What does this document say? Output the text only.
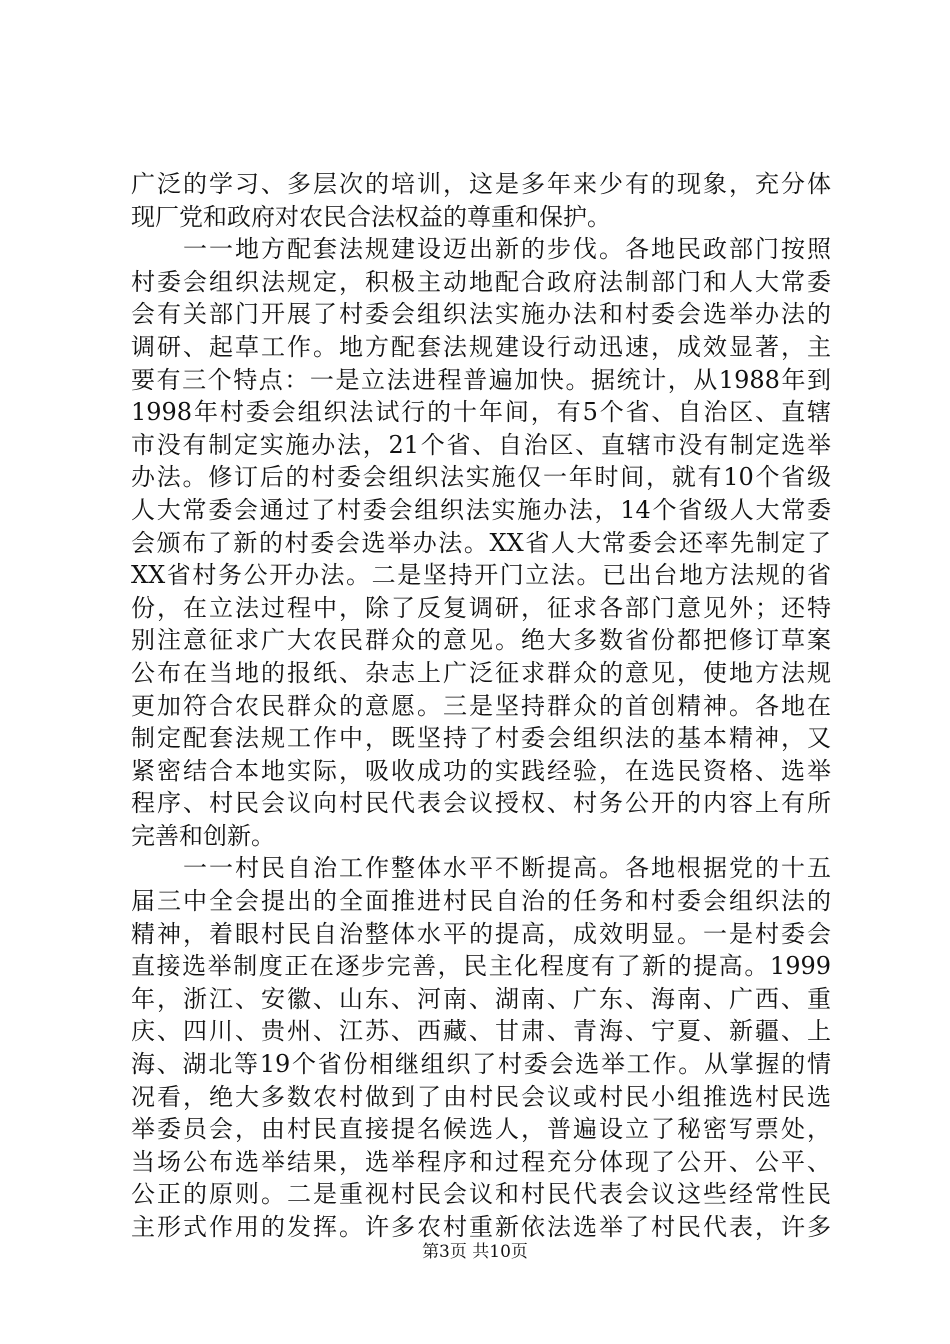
广泛的学习、多层次的培训，这是多年来少有的现象，充分体
现厂党和政府对农民合法权益的尊重和保护。
　　一一地方配套法规建设迈出新的步伐。各地民政部门按照
村委会组织法规定，积极主动地配合政府法制部门和人大常委
会有关部门开展了村委会组织法实施办法和村委会选举办法的
调研、起草工作。地方配套法规建设行动迅速，成效显著，主
要有三个特点：一是立法进程普遍加快。据统计，从1988年到
1998年村委会组织法试行的十年间，有5个省、自治区、直辖
市没有制定实施办法，21个省、自治区、直辖市没有制定选举
办法。修订后的村委会组织法实施仅一年时间，就有10个省级
人大常委会通过了村委会组织法实施办法，14个省级人大常委
会颁布了新的村委会选举办法。XX省人大常委会还率先制定了
XX省村务公开办法。二是坚持开门立法。已出台地方法规的省
份，在立法过程中，除了反复调研，征求各部门意见外；还特
别注意征求广大农民群众的意见。绝大多数省份都把修订草案
公布在当地的报纸、杂志上广泛征求群众的意见，使地方法规
更加符合农民群众的意愿。三是坚持群众的首创精神。各地在
制定配套法规工作中，既坚持了村委会组织法的基本精神，又
紧密结合本地实际，吸收成功的实践经验，在选民资格、选举
程序、村民会议向村民代表会议授权、村务公开的内容上有所
完善和创新。
　　一一村民自治工作整体水平不断提高。各地根据党的十五
届三中全会提出的全面推进村民自治的任务和村委会组织法的
精神，着眼村民自治整体水平的提高，成效明显。一是村委会
直接选举制度正在逐步完善，民主化程度有了新的提高。1999
年，浙江、安徽、山东、河南、湖南、广东、海南、广西、重
庆、四川、贵州、江苏、西藏、甘肃、青海、宁夏、新疆、上
海、湖北等19个省份相继组织了村委会选举工作。从掌握的情
况看，绝大多数农村做到了由村民会议或村民小组推选村民选
举委员会，由村民直接提名候选人，普遍设立了秘密写票处，
当场公布选举结果，选举程序和过程充分体现了公开、公平、
公正的原则。二是重视村民会议和村民代表会议这些经常性民
主形式作用的发挥。许多农村重新依法选举了村民代表，许多
第3页 共10页
